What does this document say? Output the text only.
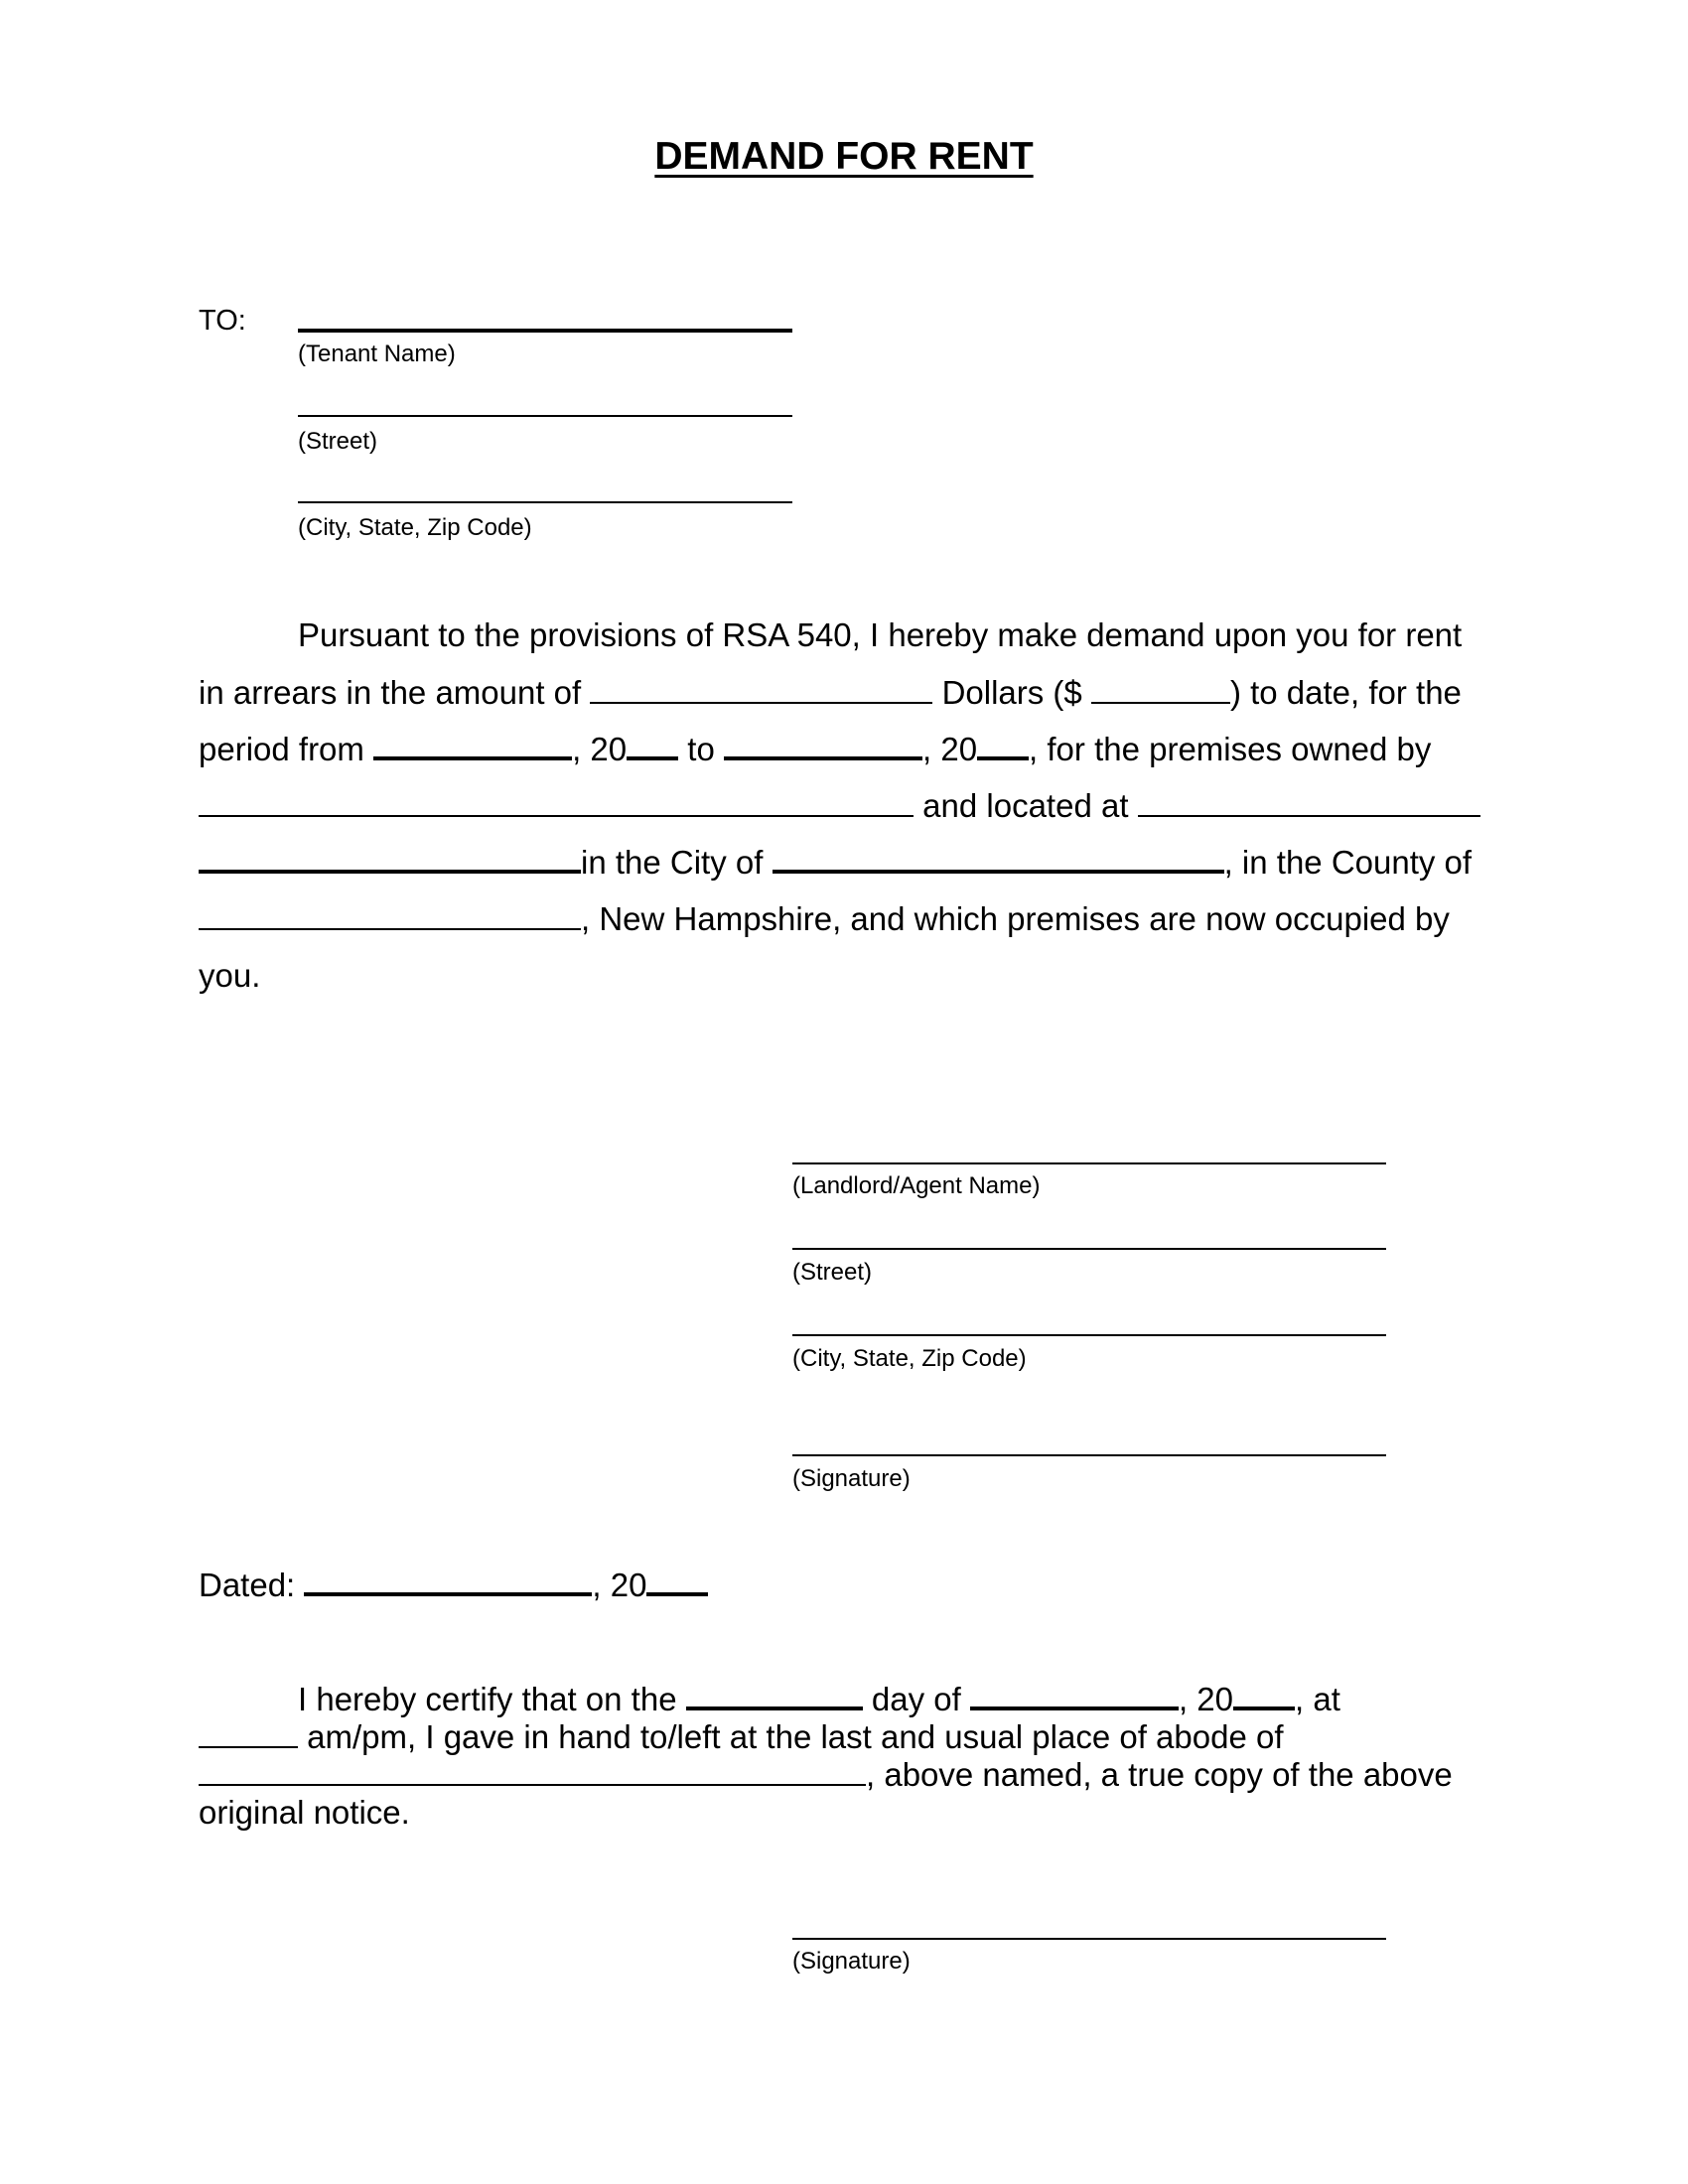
DEMAND FOR RENT
TO:
(Tenant Name)
(Street)
(City, State, Zip Code)
Pursuant to the provisions of RSA 540, I hereby make demand upon you for rent
in arrears in the amount of	Dollars ($	) to date, for the
period from	, 20 to	, 20 , for the premises owned by
and located at
in the City of	, in the County of
, New Hampshire, and which premises are now occupied by
you.
(Landlord/Agent Name)
(Street)
(City, State, Zip Code)
(Signature)
Dated:	, 20
I hereby certify that on the	day of	, 20 , at
am/pm, I gave in hand to/left at the last and usual place of abode of
, above named, a true copy of the above
original notice.
(Signature)
